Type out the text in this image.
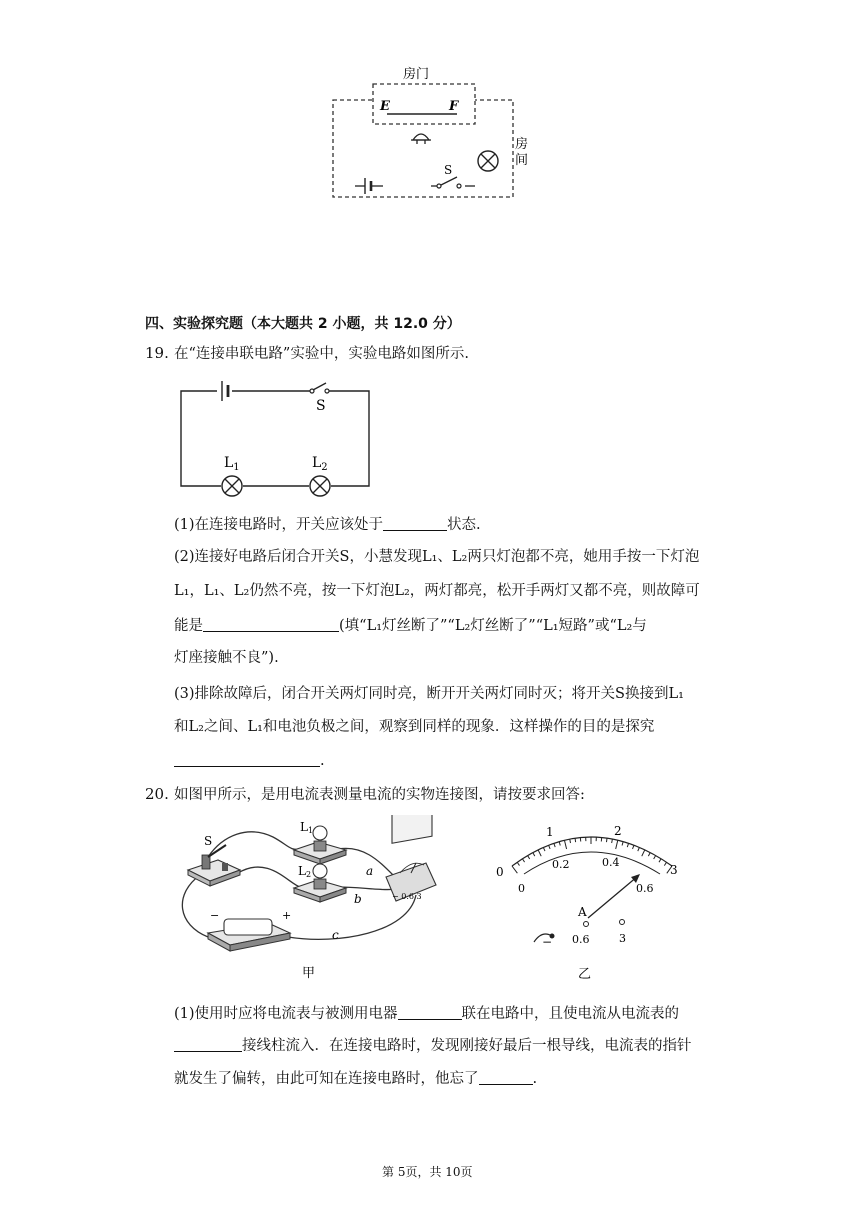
房门
E	F
房
间
S
四、实验探究题（本大题共 2 小题，共 12.0 分）
19. 在“连接串联电路”实验中，实验电路如图所示.
S
$L_1$	$L_2$
(1)在连接电路时，开关应该处于	状态.
(2)连接好电路后闭合开关S，小慧发现L₁、L₂两只灯泡都不亮，她用手按一下灯泡
L₁，L₁、L₂仍然不亮，按一下灯泡L₂，两灯都亮，松开手两灯又都不亮，则故障可
能是	(填“L₁灯丝断了”“L₂灯丝断了”“L₁短路”或“L₂与
灯座接触不良”).
(3)排除故障后，闭合开关两灯同时亮，断开开关两灯同时灭；将开关S换接到L₁
和L₂之间、L₁和电池负极之间，观察到同样的现象．这样操作的目的是探究
.
20. 如图甲所示，是用电流表测量电流的实物连接图，请按要求回答:
S
L1
L2
− 0.6 3
−	+
a
b
c
甲
0
1	2
3
0
0.2	0.4
0.6
A
− 0.6	3
乙
(1)使用时应将电流表与被测用电器	联在电路中，且使电流从电流表的
接线柱流入．在连接电路时，发现刚接好最后一根导线，电流表的指针
就发生了偏转，由此可知在连接电路时，他忘了	.
第 5页，共 10页
